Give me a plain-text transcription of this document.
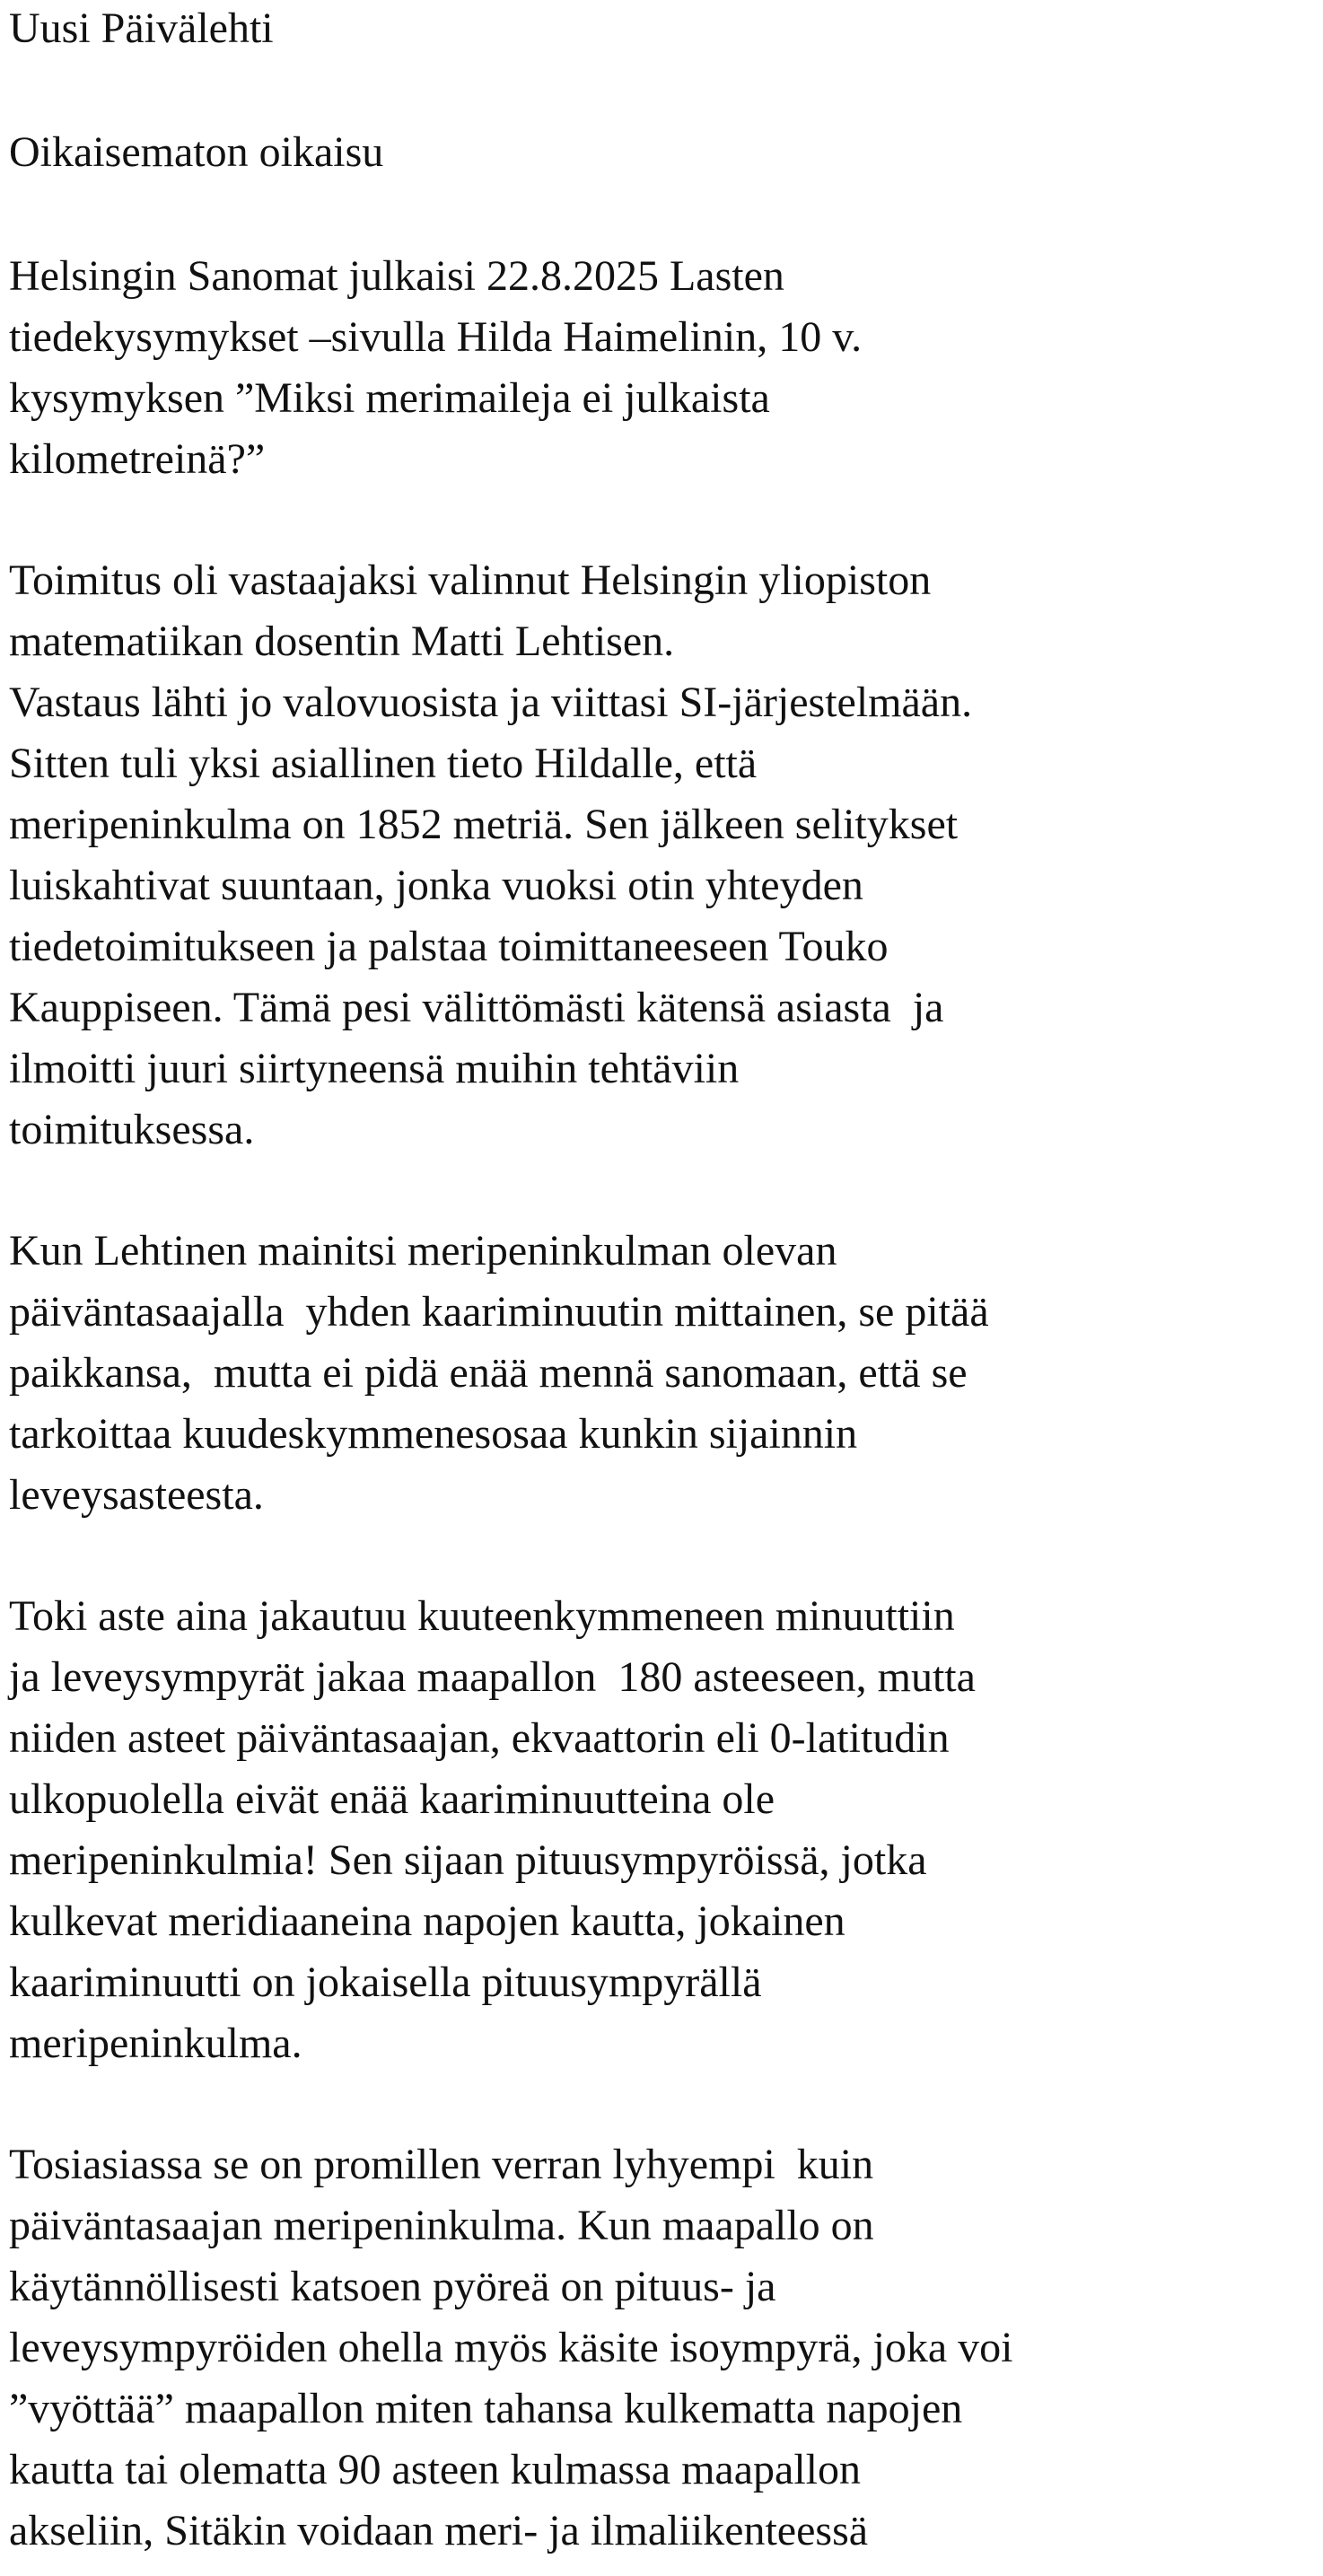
Uusi Päivälehti
Oikaisematon oikaisu
Helsingin Sanomat julkaisi 22.8.2025 Lasten
tiedekysymykset –sivulla Hilda Haimelinin, 10 v.
kysymyksen ”Miksi merimaileja ei julkaista
kilometreinä?”
Toimitus oli vastaajaksi valinnut Helsingin yliopiston
matematiikan dosentin Matti Lehtisen.
Vastaus lähti jo valovuosista ja viittasi SI-järjestelmään.
Sitten tuli yksi asiallinen tieto Hildalle, että
meripeninkulma on 1852 metriä. Sen jälkeen selitykset
luiskahtivat suuntaan, jonka vuoksi otin yhteyden
tiedetoimitukseen ja palstaa toimittaneeseen Touko
Kauppiseen. Tämä pesi välittömästi kätensä asiasta  ja
ilmoitti juuri siirtyneensä muihin tehtäviin
toimituksessa.
Kun Lehtinen mainitsi meripeninkulman olevan
päiväntasaajalla  yhden kaariminuutin mittainen, se pitää
paikkansa,  mutta ei pidä enää mennä sanomaan, että se
tarkoittaa kuudeskymmenesosaa kunkin sijainnin
leveysasteesta.
Toki aste aina jakautuu kuuteenkymmeneen minuuttiin
ja leveysympyrät jakaa maapallon  180 asteeseen, mutta
niiden asteet päiväntasaajan, ekvaattorin eli 0-latitudin
ulkopuolella eivät enää kaariminuutteina ole
meripeninkulmia! Sen sijaan pituusympyröissä, jotka
kulkevat meridiaaneina napojen kautta, jokainen
kaariminuutti on jokaisella pituusympyrällä
meripeninkulma.
Tosiasiassa se on promillen verran lyhyempi  kuin
päiväntasaajan meripeninkulma. Kun maapallo on
käytännöllisesti katsoen pyöreä on pituus- ja
leveysympyröiden ohella myös käsite isoympyrä, joka voi
”vyöttää” maapallon miten tahansa kulkematta napojen
kautta tai olematta 90 asteen kulmassa maapallon
akseliin, Sitäkin voidaan meri- ja ilmaliikenteessä
